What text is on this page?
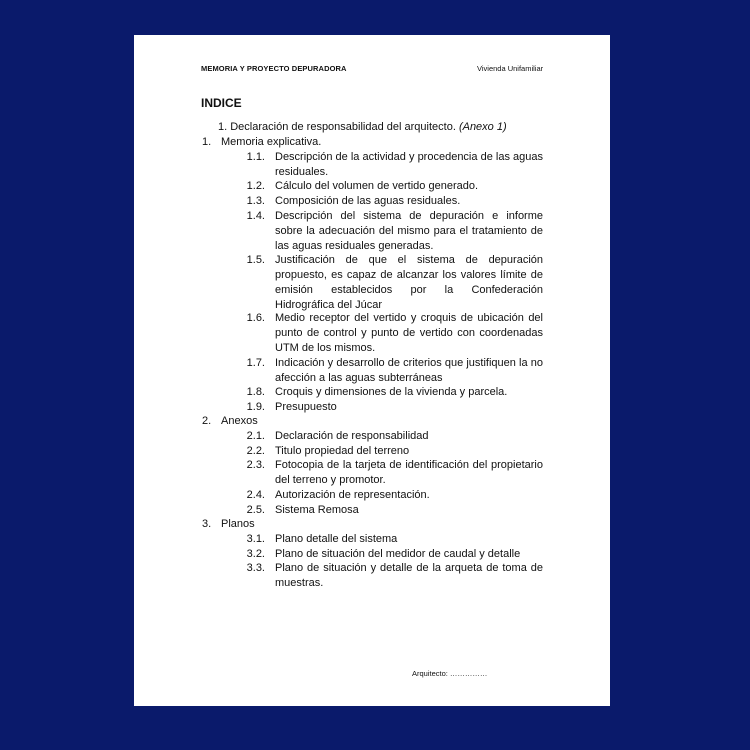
MEMORIA Y PROYECTO DEPURADORA	Vivienda Unifamiliar
INDICE
1. Declaración de responsabilidad del arquitecto. (Anexo 1)
1. Memoria explicativa.
1.1. Descripción de la actividad y procedencia de las aguas residuales.
1.2. Cálculo del volumen de vertido generado.
1.3. Composición de las aguas residuales.
1.4. Descripción del sistema de depuración e informe sobre la adecuación del mismo para el tratamiento de las aguas residuales generadas.
1.5. Justificación de que el sistema de depuración propuesto, es capaz de alcanzar los valores límite de emisión establecidos por la Confederación Hidrográfica del Júcar
1.6. Medio receptor del vertido y croquis de ubicación del punto de control y punto de vertido con coordenadas UTM de los mismos.
1.7. Indicación y desarrollo de criterios que justifiquen la no afección a las aguas subterráneas
1.8. Croquis y dimensiones de la vivienda y parcela.
1.9. Presupuesto
2. Anexos
2.1. Declaración de responsabilidad
2.2. Titulo propiedad del terreno
2.3. Fotocopia de la tarjeta de identificación del propietario del terreno y promotor.
2.4. Autorización de representación.
2.5. Sistema Remosa
3. Planos
3.1. Plano detalle del sistema
3.2. Plano de situación del medidor de caudal y detalle
3.3. Plano de situación y detalle de la arqueta de toma de muestras.
Arquitecto: ……………
